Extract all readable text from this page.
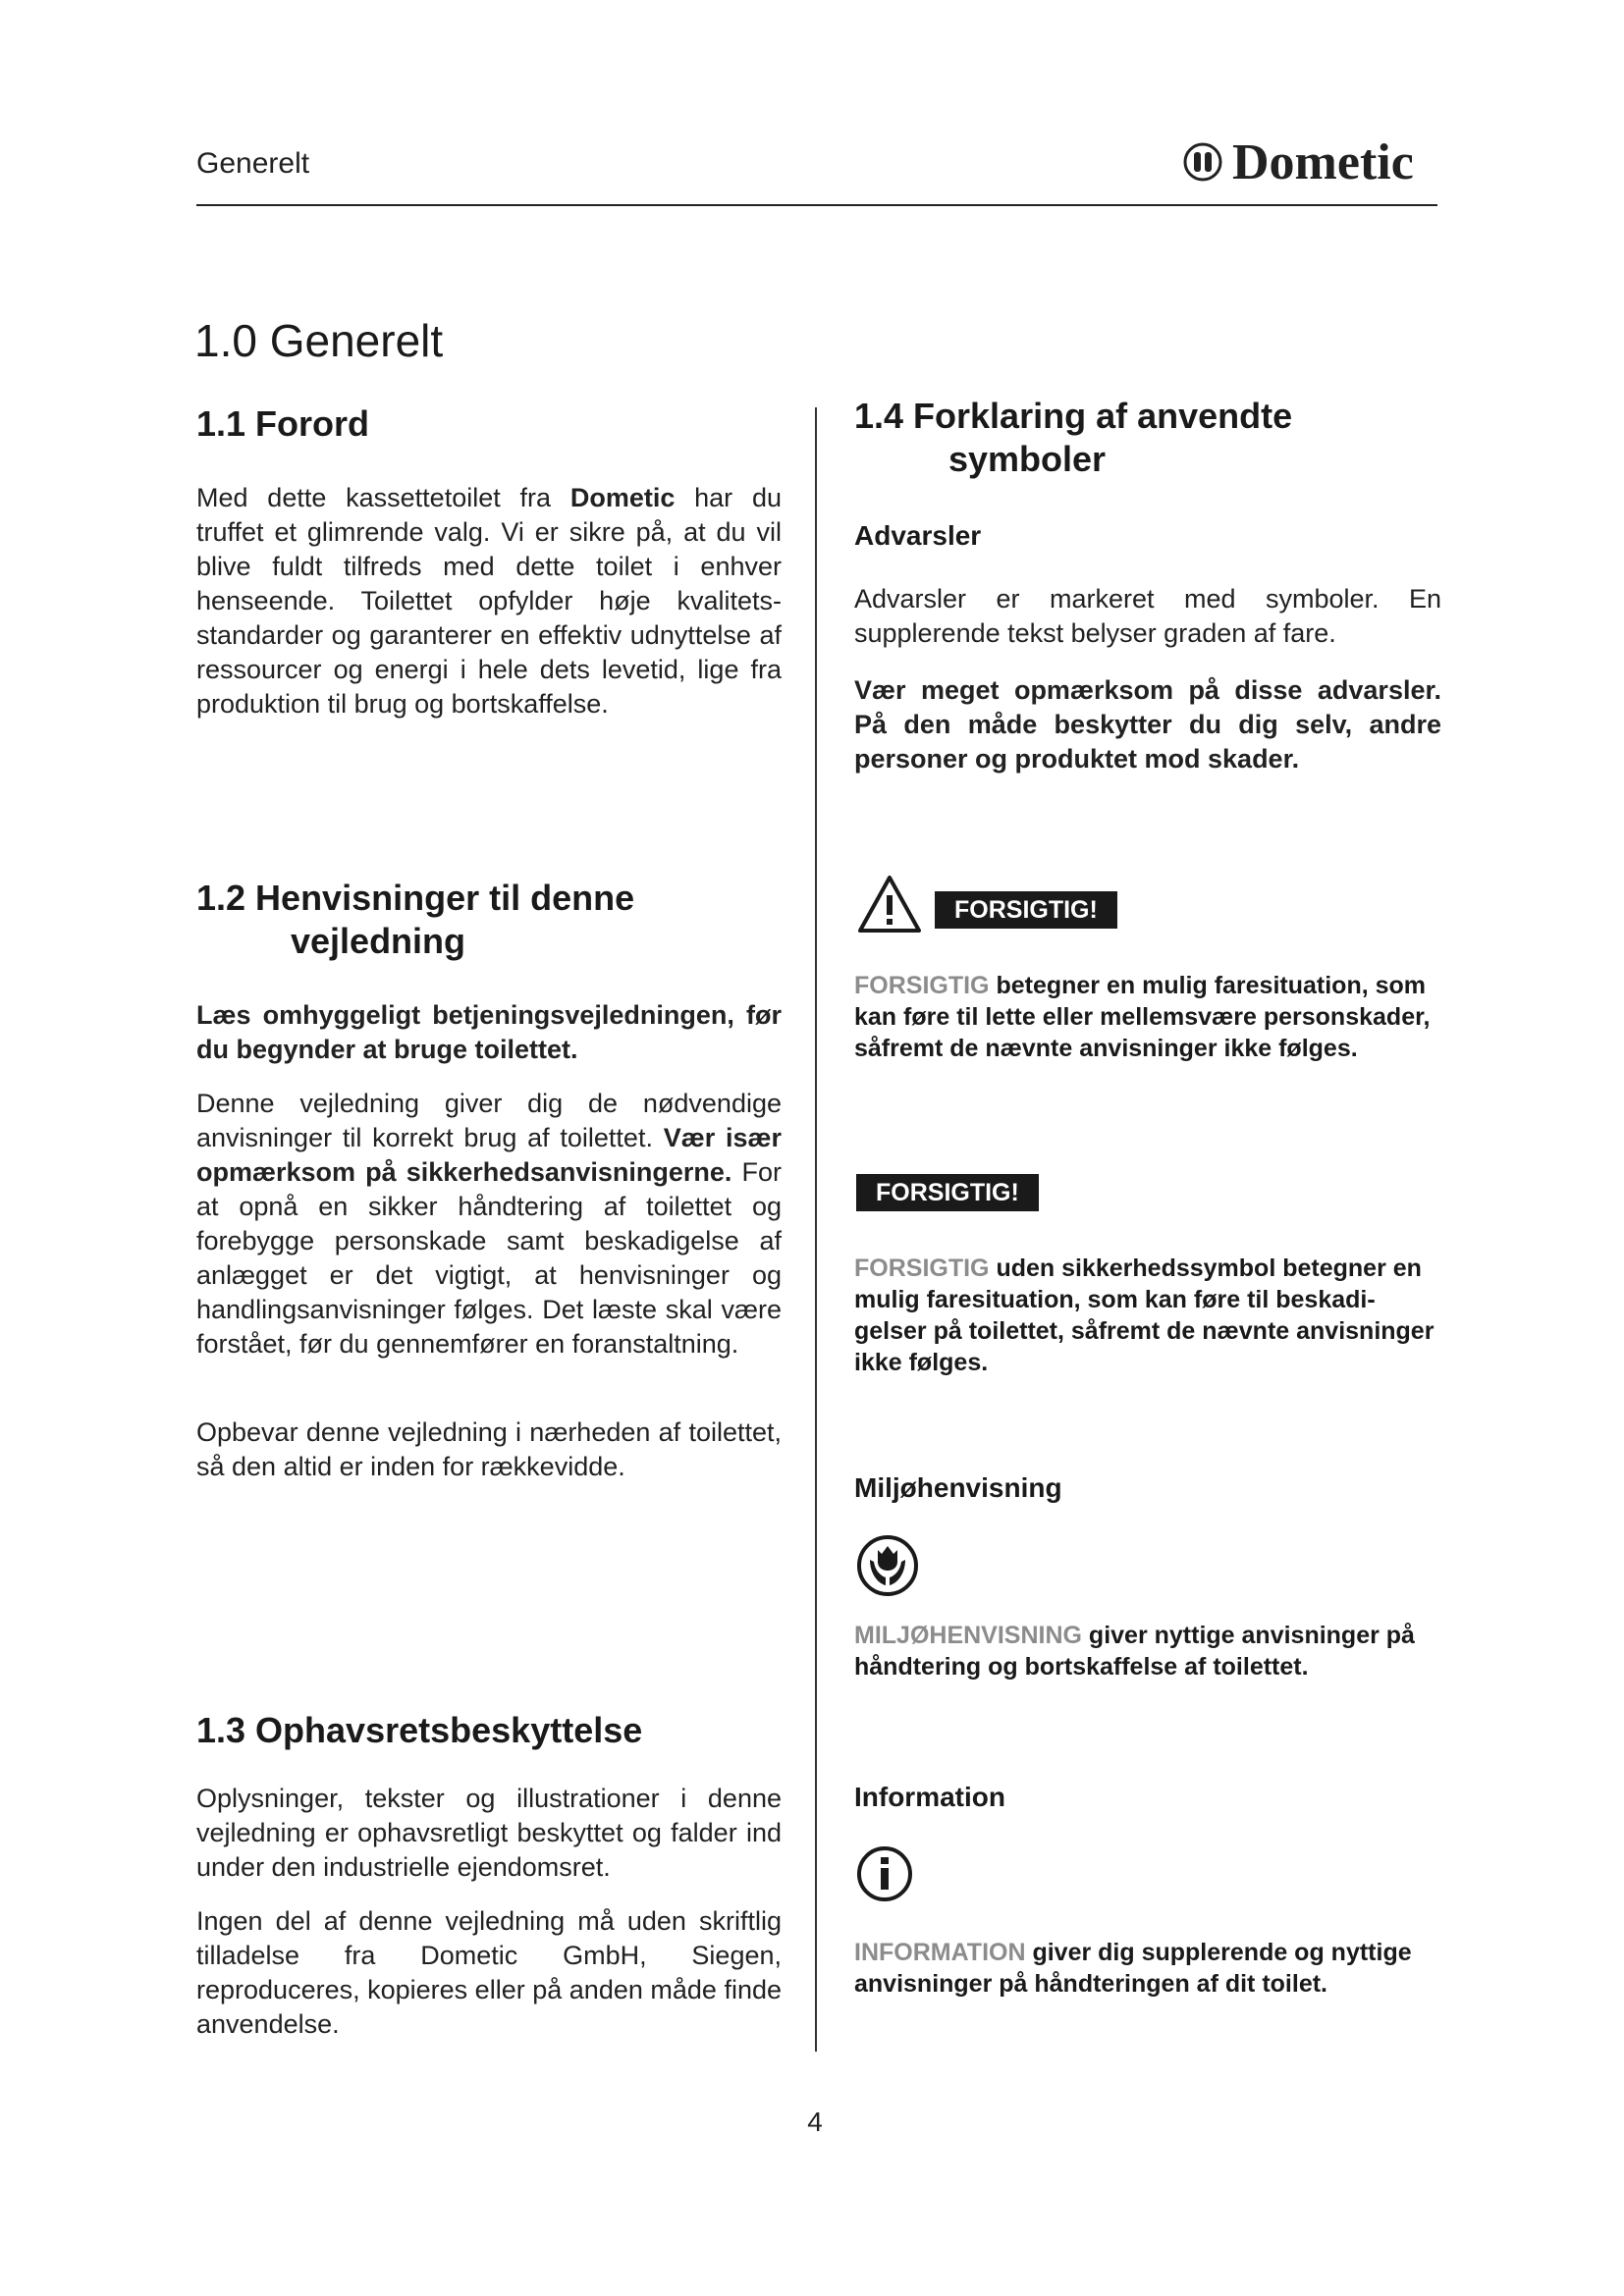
Generelt	Dometic
1.0 Generelt
1.1 Forord

Med dette kassettetoilet fra Dometic har du truffet et glimrende valg. Vi er sikre på, at du vil blive fuldt tilfreds med dette toilet i enhver henseende. Toilettet opfylder høje kvalitetsstandarder og garanterer en effektiv udnyttelse af ressourcer og energi i hele dets levetid, lige fra produktion til brug og bortskaffelse.

1.2 Henvisninger til denne
vejledning

Læs omhyggeligt betjeningsvejledningen, før du begynder at bruge toilettet.

Denne vejledning giver dig de nødvendige anvisninger til korrekt brug af toilettet. Vær især opmærksom på sikkerhedsanvisningerne. For at opnå en sikker håndtering af toilettet og forebygge personskade samt beskadigelse af anlægget er det vigtigt, at henvisninger og handlingsanvisninger følges. Det læste skal være forstået, før du gennemfører en foranstaltning.

Opbevar denne vejledning i nærheden af toilettet, så den altid er inden for rækkevidde.

1.3 Ophavsretsbeskyttelse

Oplysninger, tekster og illustrationer i denne vejledning er ophavsretligt beskyttet og falder ind under den industrielle ejendomsret.

Ingen del af denne vejledning må uden skriftlig tilladelse fra Dometic GmbH, Siegen, reproduceres, kopieres eller på anden måde finde anvendelse.

1.4 Forklaring af anvendte
symboler
Advarsler

Advarsler er markeret med symboler. En supplerende tekst belyser graden af fare.

Vær meget opmærksom på disse advarsler. På den måde beskytter du dig selv, andre personer og produktet mod skader.

FORSIGTIG!

FORSIGTIG betegner en mulig faresituation, som kan føre til lette eller mellemsvære personskader, såfremt de nævnte anvisninger ikke følges.

FORSIGTIG!

FORSIGTIG uden sikkerhedssymbol betegner en mulig faresituation, som kan føre til beskadigelser på toilettet, såfremt de nævnte anvisninger ikke følges.

Miljøhenvisning

MILJØHENVISNING giver nyttige anvisninger på håndtering og bortskaffelse af toilettet.

Information

INFORMATION giver dig supplerende og nyttige anvisninger på håndteringen af dit toilet.

4
